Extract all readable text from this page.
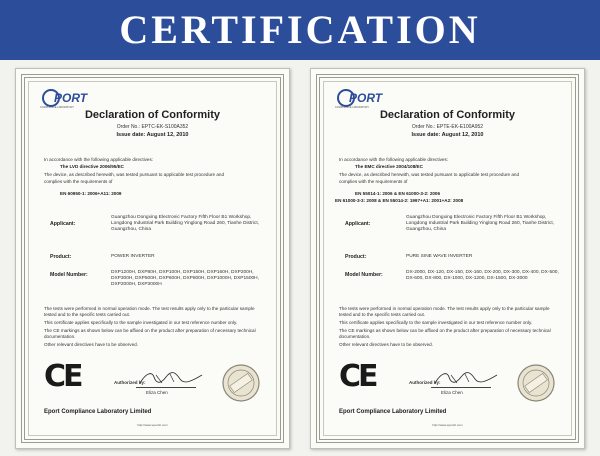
CERTIFICATION
PORT
COMPLIANCE LABORATORY
Declaration of Conformity
Order No.: EPTC-EK-S100A352
Issue date: August 12, 2010
In accordance with the following applicable directives:
The LVD directive 2006/95/EC
The device, as described herewith, was tested pursuant to applicable test procedure and
complies with the requirements of
EN 60950-1: 2006+A11: 2009
Applicant:
Guangzhou Dongxing Electronic Factory Fifth Floor B1 Workshop, Longdong Industrial Park Building Yinglong Road 260, Tianhe District, Guangzhou, China
Product:	POWER INVERTER
Model Number:	DXP1200H, DXP80H, DXP100H, DXP150H, DXP160H, DXP200H, DXP300H, DXP500H, DXP600H, DXP800H, DXP1000H, DXP1500H, DXP2000H, DXP3000H
The tests were performed in normal operation mode. The test results apply only to the particular sample tested and to the specific tests carried out.
This certificate applies specifically to the sample investigated in our test reference number only.
The CE markings as shown below can be affixed on the product after preparation of necessary technical documentation.
Other relevant directives have to be observed.
CE	Authorized by:
Eliza Chen
Eport Compliance Laboratory Limited
http://www.eporttc.com
PORT
COMPLIANCE LABORATORY
Declaration of Conformity
Order No.: EPTE-EK-E100A952
Issue date: August 12, 2010
In accordance with the following applicable directives:
The EMC directive 2004/108/EC
The device, as described herewith, was tested pursuant to applicable test procedure and
complies with the requirements of
EN 55014-1: 2006 & EN 61000-3-2: 2006
EN 61000-3-3: 2008 & EN 55014-2: 1997+A1: 2001+A2: 2008
Applicant:
Guangzhou Dongxing Electronic Factory Fifth Floor B1 Workshop, Longdong Industrial Park Building Yinglong Road 260, Tianhe District, Guangzhou, China
Product:	PURE SINE WAVE INVERTER
Model Number:	DX-2000, DX-120, DX-150, DX-160, DX-200, DX-300, DX-400, DX-500, DX-600, DX-800, DX-1000, DX-1200, DX-1500, DX-3000
The tests were performed in normal operation mode. The test results apply only to the particular sample tested and to the specific tests carried out.
This certificate applies specifically to the sample investigated in our test reference number only.
The CE markings as shown below can be affixed on the product after preparation of necessary technical documentation.
Other relevant directives have to be observed.
CE	Authorized by:
Eliza Chen
Eport Compliance Laboratory Limited
http://www.eporttc.com
